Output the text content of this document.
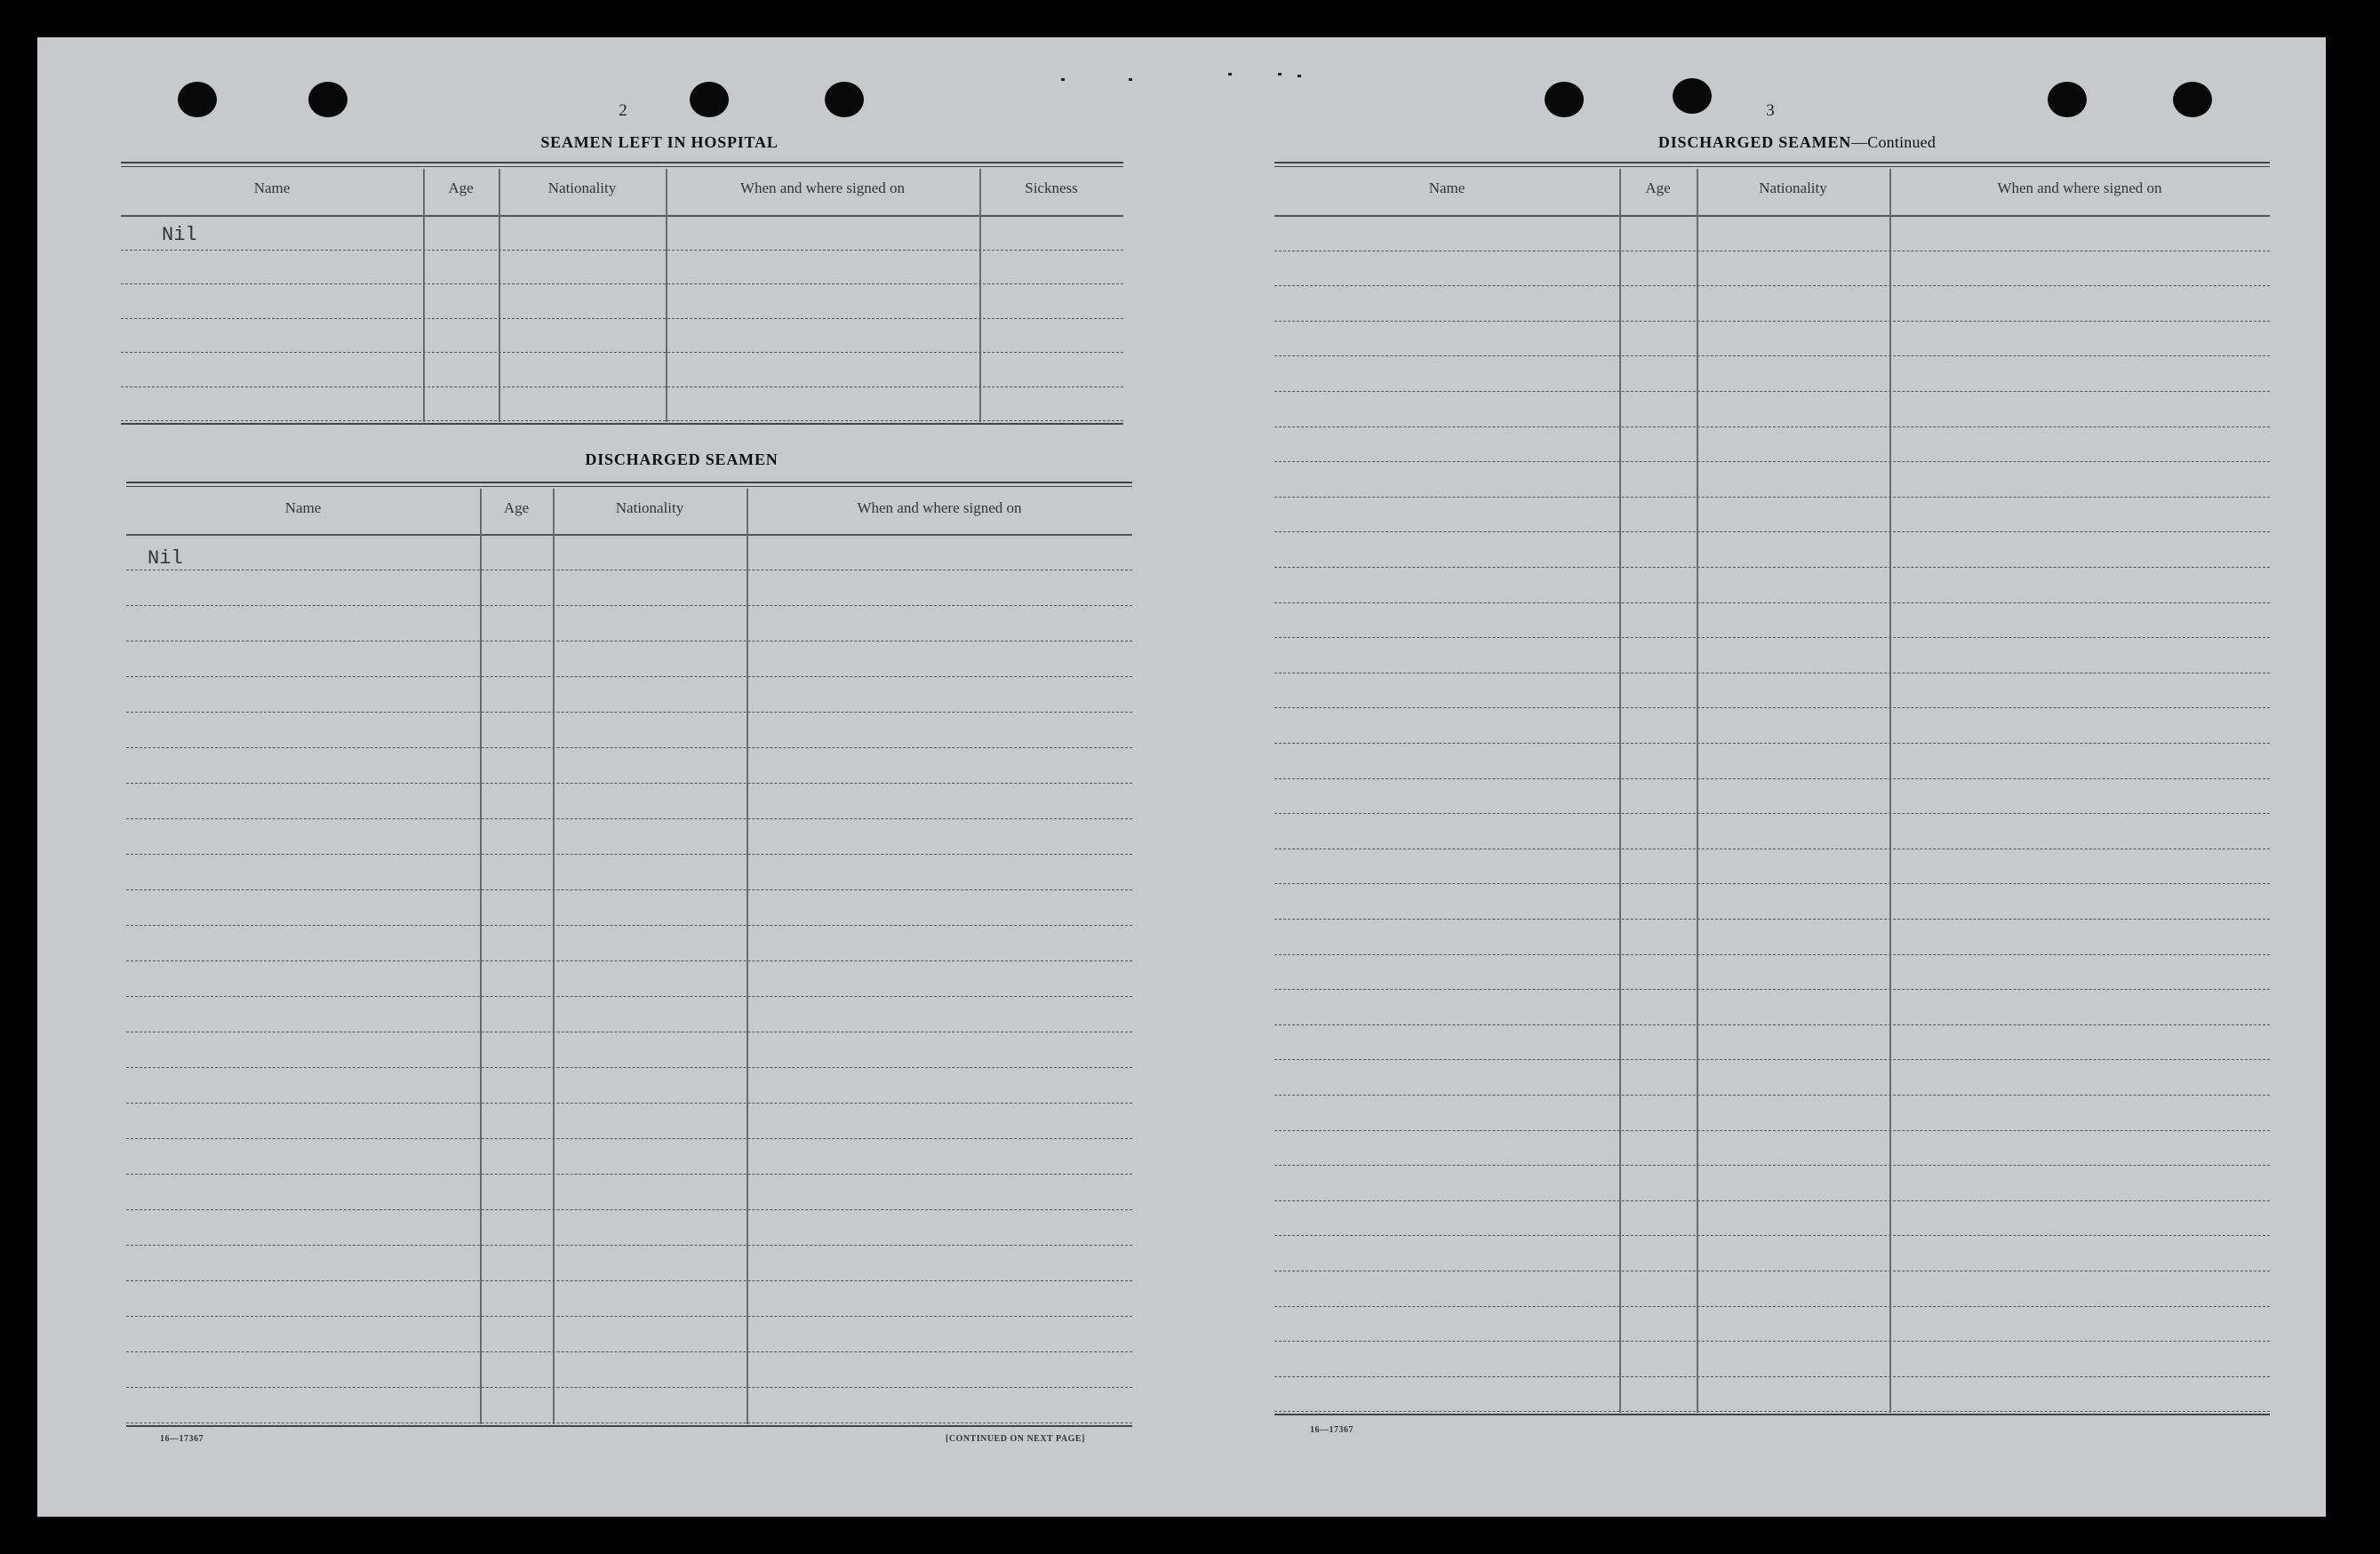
2
SEAMEN LEFT IN HOSPITAL
DISCHARGED SEAMEN
16—17367	[CONTINUED ON NEXT PAGE]
3
DISCHARGED SEAMEN—Continued
16—17367
Name	Age	Nationality	When and where signed on	Sickness
Nil
Name	Age	Nationality	When and where signed on
Nil
Name	Age	Nationality	When and where signed on
